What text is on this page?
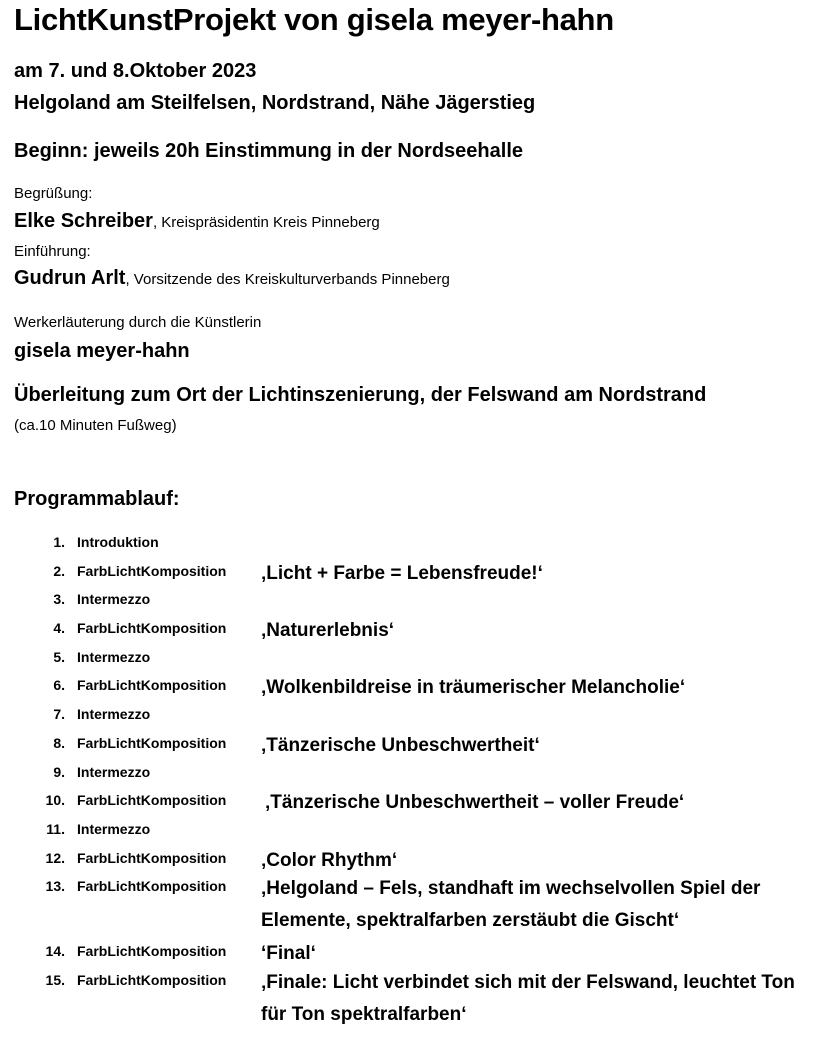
LichtKunstProjekt von gisela meyer-hahn
am 7. und 8.Oktober 2023
Helgoland am Steilfelsen, Nordstrand, Nähe Jägerstieg
Beginn: jeweils 20h Einstimmung in der Nordseehalle
Begrüßung:
Elke Schreiber, Kreispräsidentin Kreis Pinneberg
Einführung:
Gudrun Arlt, Vorsitzende des Kreiskulturverbands Pinneberg
Werkerläuterung durch die Künstlerin
gisela meyer-hahn
Überleitung zum Ort der Lichtinszenierung, der Felswand am Nordstrand
(ca.10 Minuten Fußweg)
Programmablauf:
1. Introduktion
2. FarbLichtKomposition ‚Licht + Farbe = Lebensfreude!‘
3. Intermezzo
4. FarbLichtKomposition ‚Naturerlebnis‘
5. Intermezzo
6. FarbLichtKomposition ‚Wolkenbildreise in träumerischer Melancholie‘
7. Intermezzo
8. FarbLichtKomposition ‚Tänzerische Unbeschwertheit‘
9. Intermezzo
10. FarbLichtKomposition ‚Tänzerische Unbeschwertheit – voller Freude‘
11. Intermezzo
12. FarbLichtKomposition ‚Color Rhythm‘
13. FarbLichtKomposition ‚Helgoland – Fels, standhaft im wechselvollen Spiel der Elemente, spektralfarben zerstäubt die Gischt‘
14. FarbLichtKomposition ‘Final‘
15. FarbLichtKomposition ‚Finale: Licht verbindet sich mit der Felswand, leuchtet Ton für Ton spektralfarben‘
